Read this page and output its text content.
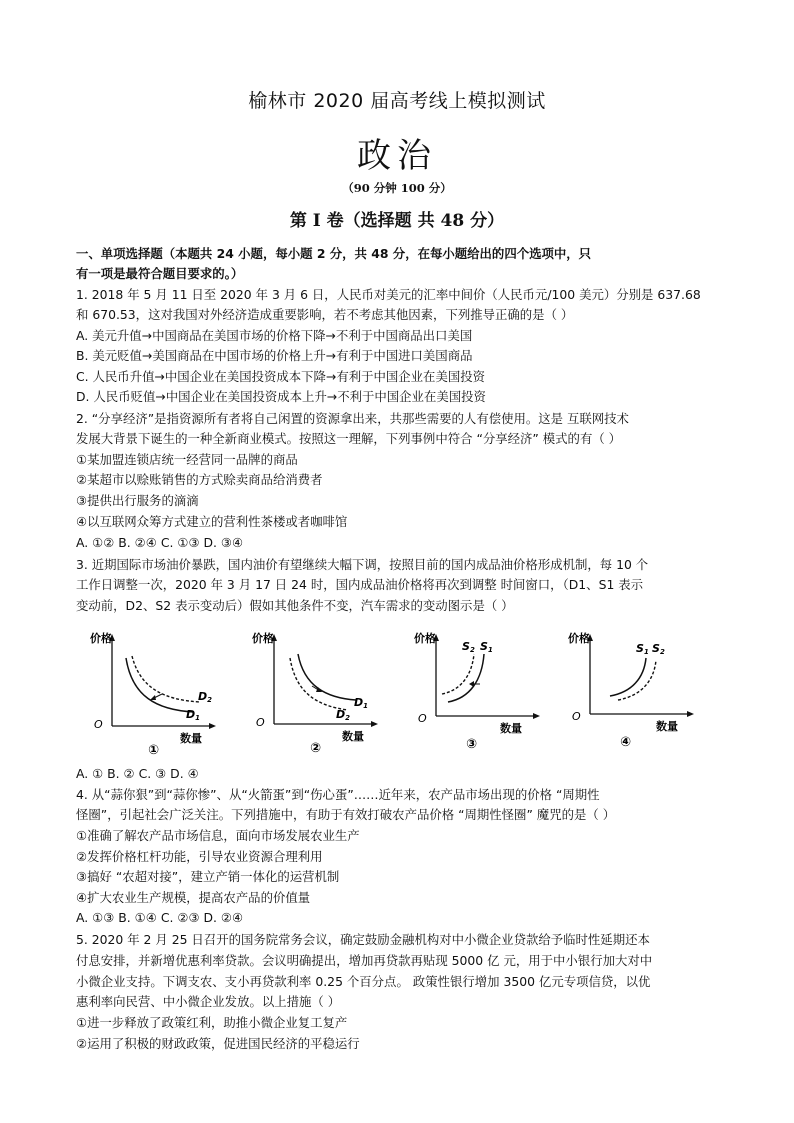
榆林市 2020 届高考线上模拟测试
政治
（90 分钟 100 分）
第 I 卷（选择题 共 48 分）
一、单项选择题（本题共 24 小题，每小题 2 分，共 48 分，在每小题给出的四个选项中，只
有一项是最符合题目要求的。）
1. 2018 年 5 月 11 日至 2020 年 3 月 6 日，人民币对美元的汇率中间价（人民币元/100 美元）分别是 637.68
和 670.53，这对我国对外经济造成重要影响，若不考虑其他因素，下列推导正确的是（ ）
A. 美元升值→中国商品在美国市场的价格下降→不利于中国商品出口美国
B. 美元贬值→美国商品在中国市场的价格上升→有利于中国进口美国商品
C. 人民币升值→中国企业在美国投资成本下降→有利于中国企业在美国投资
D. 人民币贬值→中国企业在美国投资成本上升→不利于中国企业在美国投资
2. “分享经济”是指资源所有者将自己闲置的资源拿出来，共那些需要的人有偿使用。这是 互联网技术
发展大背景下诞生的一种全新商业模式。按照这一理解，下列事例中符合 “分享经济” 模式的有（ ）
①某加盟连锁店统一经营同一品牌的商品
②某超市以赊账销售的方式赊卖商品给消费者
③提供出行服务的滴滴
④以互联网众筹方式建立的营利性茶楼或者咖啡馆
A. ①② B. ②④ C. ①③ D. ③④
3. 近期国际市场油价暴跌，国内油价有望继续大幅下调，按照目前的国内成品油价格形成机制，每 10 个
工作日调整一次，2020 年 3 月 17 日 24 时，国内成品油价格将再次到调整 时间窗口，（D1、S1 表示
变动前，D2、S2 表示变动后）假如其他条件不变，汽车需求的变动图示是（ ）
价格
O
数量
D1
D2
①
价格
O
数量
D1
D2
②
价格
O
数量
S2 S1
③
价格
O
数量
S1 S2
④
A. ① B. ② C. ③ D. ④
4. 从“蒜你狠”到“蒜你惨”、从“火箭蛋”到“伤心蛋”……近年来，农产品市场出现的价格 “周期性
怪圈”，引起社会广泛关注。下列措施中，有助于有效打破农产品价格 “周期性怪圈” 魔咒的是（ ）
①准确了解农产品市场信息，面向市场发展农业生产
②发挥价格杠杆功能，引导农业资源合理利用
③搞好 “农超对接”，建立产销一体化的运营机制
④扩大农业生产规模，提高农产品的价值量
A. ①③ B. ①④ C. ②③ D. ②④
5. 2020 年 2 月 25 日召开的国务院常务会议，确定鼓励金融机构对中小微企业贷款给予临时性延期还本
付息安排，并新增优惠利率贷款。会议明确提出，增加再贷款再贴现 5000 亿 元，用于中小银行加大对中
小微企业支持。下调支农、支小再贷款利率 0.25 个百分点。 政策性银行增加 3500 亿元专项信贷，以优
惠利率向民营、中小微企业发放。以上措施（ ）
①进一步释放了政策红利，助推小微企业复工复产
②运用了积极的财政政策，促进国民经济的平稳运行
